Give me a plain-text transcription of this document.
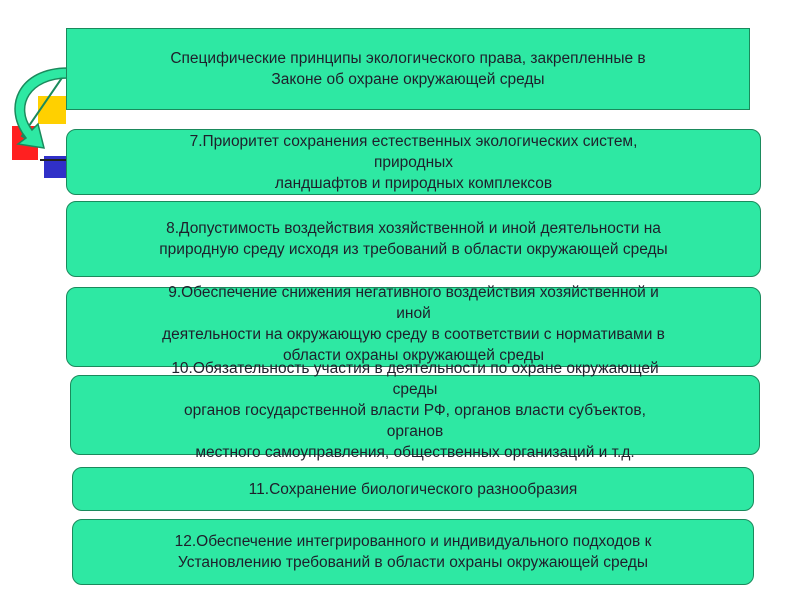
Специфические принципы экологического права, закрепленные в
Законе об охране окружающей среды
7.Приоритет сохранения естественных экологических систем,
природных
ландшафтов и природных комплексов
8.Допустимость воздействия хозяйственной и иной деятельности на
природную среду исходя из требований в области окружающей среды
9.Обеспечение снижения негативного воздействия хозяйственной и
иной
деятельности на окружающую среду в соответствии с нормативами в
области охраны окружающей среды
10.Обязательность участия в деятельности по охране окружающей
среды
органов государственной власти РФ, органов власти субъектов,
органов
местного самоуправления, общественных организаций и т.д.
11.Сохранение биологического разнообразия
12.Обеспечение интегрированного и индивидуального подходов к
Установлению требований в области охраны окружающей среды
